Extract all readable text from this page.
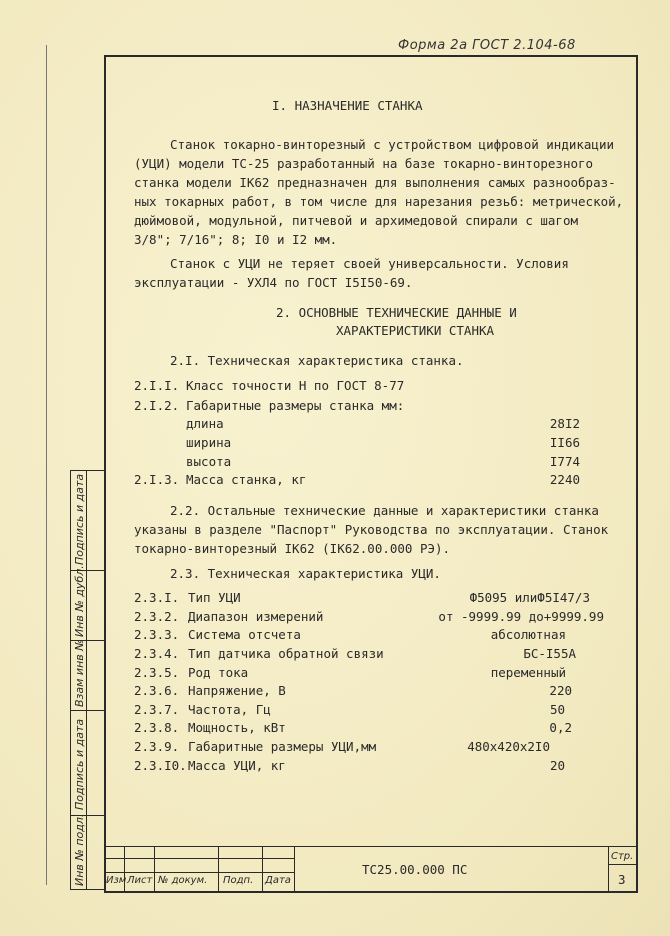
Форма 2а ГОСТ 2.104-68
I. НАЗНАЧЕНИЕ СТАНКА
Станок токарно-винторезный с устройством цифровой индикации
(УЦИ) модели ТС-25 разработанный на базе токарно-винторезного
станка модели IК62 предназначен для выполнения самых разнообраз-
ных токарных работ, в том числе для нарезания резьб: метрической,
дюймовой, модульной, питчевой и архимедовой спирали с шагом
3/8"; 7/16"; 8; I0 и I2 мм.
Станок с УЦИ не теряет своей универсальности. Условия
эксплуатации - УХЛ4 по ГОСТ I5I50-69.
2. ОСНОВНЫЕ ТЕХНИЧЕСКИЕ ДАННЫЕ И
ХАРАКТЕРИСТИКИ СТАНКА
2.I. Техническая характеристика станка.
2.I.I. Класс точности Н по ГОСТ 8-77
2.I.2. Габаритные размеры станка мм:
длина	28I2
ширина	II66
высота	I774
2.I.3. Масса станка, кг	2240
2.2. Остальные технические данные и характеристики станка
указаны в разделе "Паспорт" Руководства по эксплуатации. Станок
токарно-винторезный IК62 (IК62.00.000 РЭ).
2.3. Техническая характеристика УЦИ.
2.3.I. Тип УЦИ	Ф5095 илиФ5I47/3
2.3.2. Диапазон измерений	от -9999.99 до+9999.99
2.3.3. Система отсчета	абсолютная
2.3.4. Тип датчика обратной связи	БС-I55А
2.3.5. Род тока	переменный
2.3.6. Напряжение, В	220
2.3.7. Частота, Гц	50
2.3.8. Мощность, кВт	0,2
2.3.9. Габаритные размеры УЦИ,мм	480х420х2I0
2.3.I0. Масса УЦИ, кг	20
Подпись и дата
Инв № дубл.
Взам инв №
Подпись и дата
Инв № подл. Изм Лист № докум. Подп. Дата
ТС25.00.000 ПС
Стр.
3
